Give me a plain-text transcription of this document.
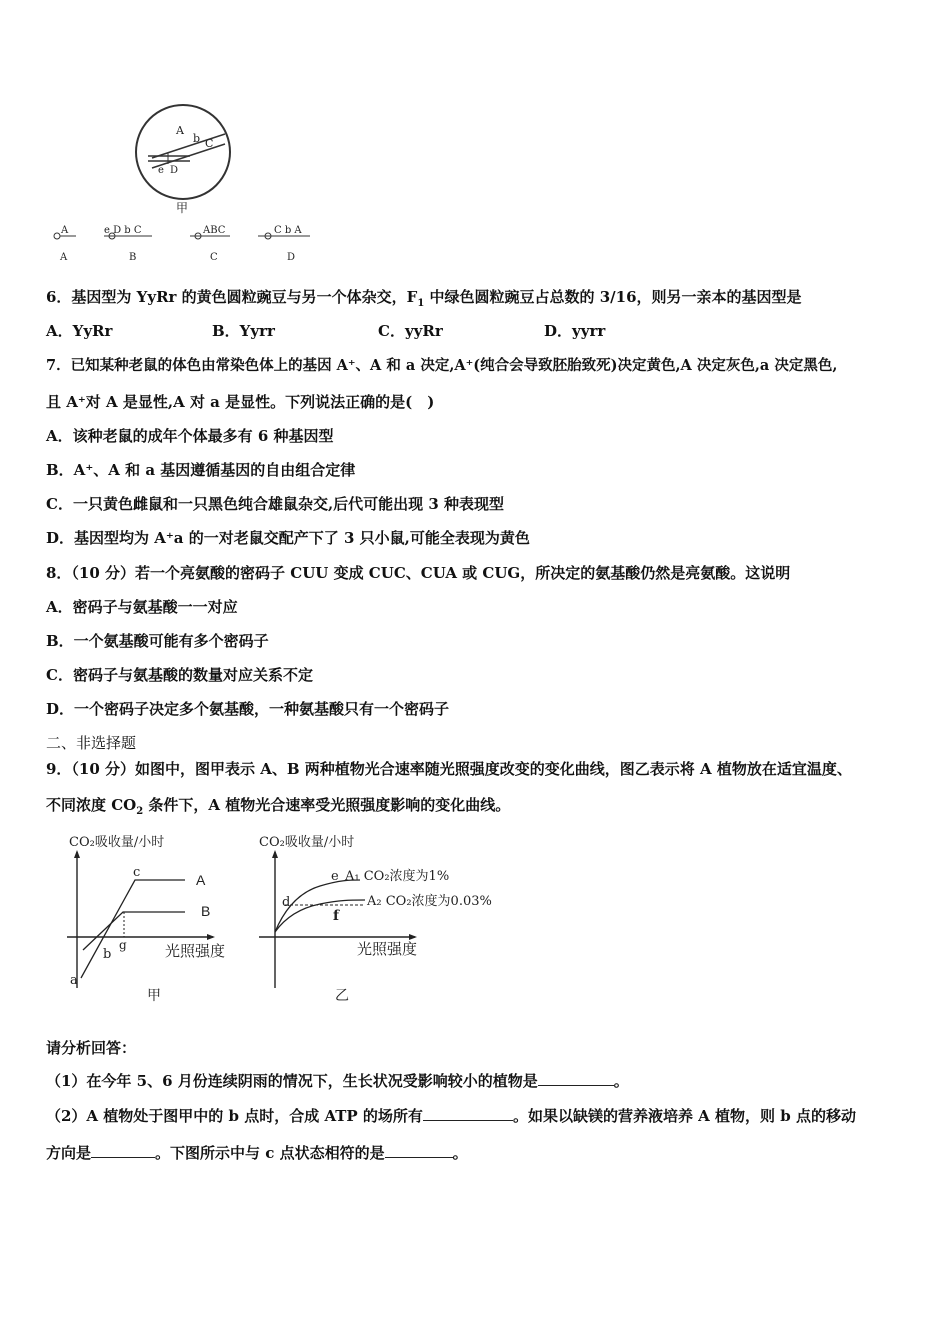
A
b C
e D
甲
A
A
e D b C
B
ABC
C
C b A
D
6．基因型为 YyRr 的黄色圆粒豌豆与另一个体杂交，$F_1$ 中绿色圆粒豌豆占总数的 3/16，则另一亲本的基因型是
A．YyRr	B．Yyrr	C．yyRr	D．yyrr
7．已知某种老鼠的体色由常染色体上的基因 A⁺、A 和 a 决定,A⁺(纯合会导致胚胎致死)决定黄色,A 决定灰色,a 决定黑色,
且 A⁺对 A 是显性,A 对 a 是显性。下列说法正确的是(　)
A．该种老鼠的成年个体最多有 6 种基因型
B．A⁺、A 和 a 基因遵循基因的自由组合定律
C．一只黄色雌鼠和一只黑色纯合雄鼠杂交,后代可能出现 3 种表现型
D．基因型均为 A⁺a 的一对老鼠交配产下了 3 只小鼠,可能全表现为黄色
8．（10 分）若一个亮氨酸的密码子 CUU 变成 CUC、CUA 或 CUG，所决定的氨基酸仍然是亮氨酸。这说明
A．密码子与氨基酸一一对应
B．一个氨基酸可能有多个密码子
C．密码子与氨基酸的数量对应关系不定
D．一个密码子决定多个氨基酸，一种氨基酸只有一个密码子
二、非选择题
9．（10 分）如图中，图甲表示 A、B 两种植物光合速率随光照强度改变的变化曲线，图乙表示将 A 植物放在适宜温度、
不同浓度 $CO_2$ 条件下，A 植物光合速率受光照强度影响的变化曲线。
CO₂吸收量/小时
c
a
b
g
A
B
光照强度
甲
CO₂吸收量/小时
e
d
f
A₁ CO₂浓度为1%
A₂ CO₂浓度为0.03%
光照强度
乙
请分析回答：
（1）在今年 5、6 月份连续阴雨的情况下，生长状况受影响较小的植物是	。
（2）A 植物处于图甲中的 b 点时，合成 ATP 的场所有	。如果以缺镁的营养液培养 A 植物，则 b 点的移动
方向是	。下图所示中与 c 点状态相符的是	。
